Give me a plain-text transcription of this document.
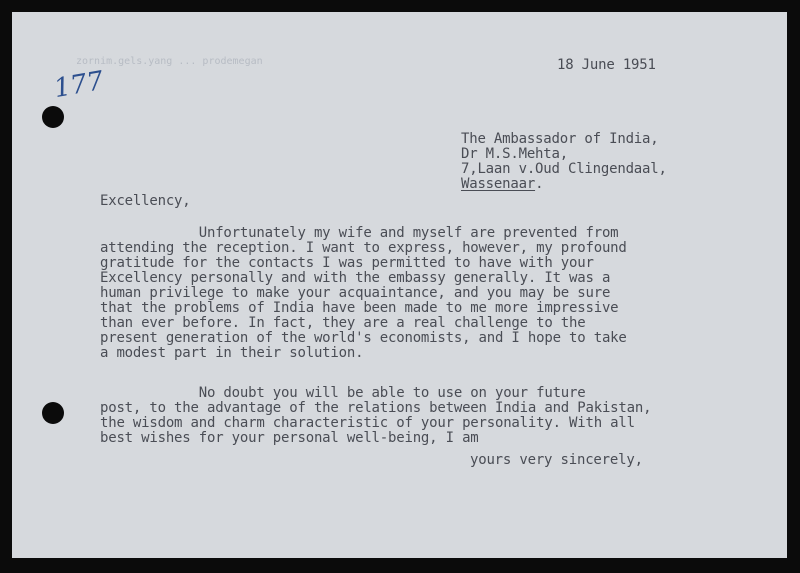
zornim.gels.yang ... prodemegan
177

18 June 1951

The Ambassador of India,
Dr M.S.Mehta,
7,Laan v.Oud Clingendaal,
Wassenaar.

Excellency,

Unfortunately my wife and myself are prevented from
attending the reception. I want to express, however, my profound
gratitude for the contacts I was permitted to have with your
Excellency personally and with the embassy generally. It was a
human privilege to make your acquaintance, and you may be sure
that the problems of India have been made to me more impressive
than ever before. In fact, they are a real challenge to the
present generation of the world's economists, and I hope to take
a modest part in their solution.
No doubt you will be able to use on your future
post, to the advantage of the relations between India and Pakistan,
the wisdom and charm characteristic of your personality. With all
best wishes for your personal well-being, I am

yours very sincerely,
